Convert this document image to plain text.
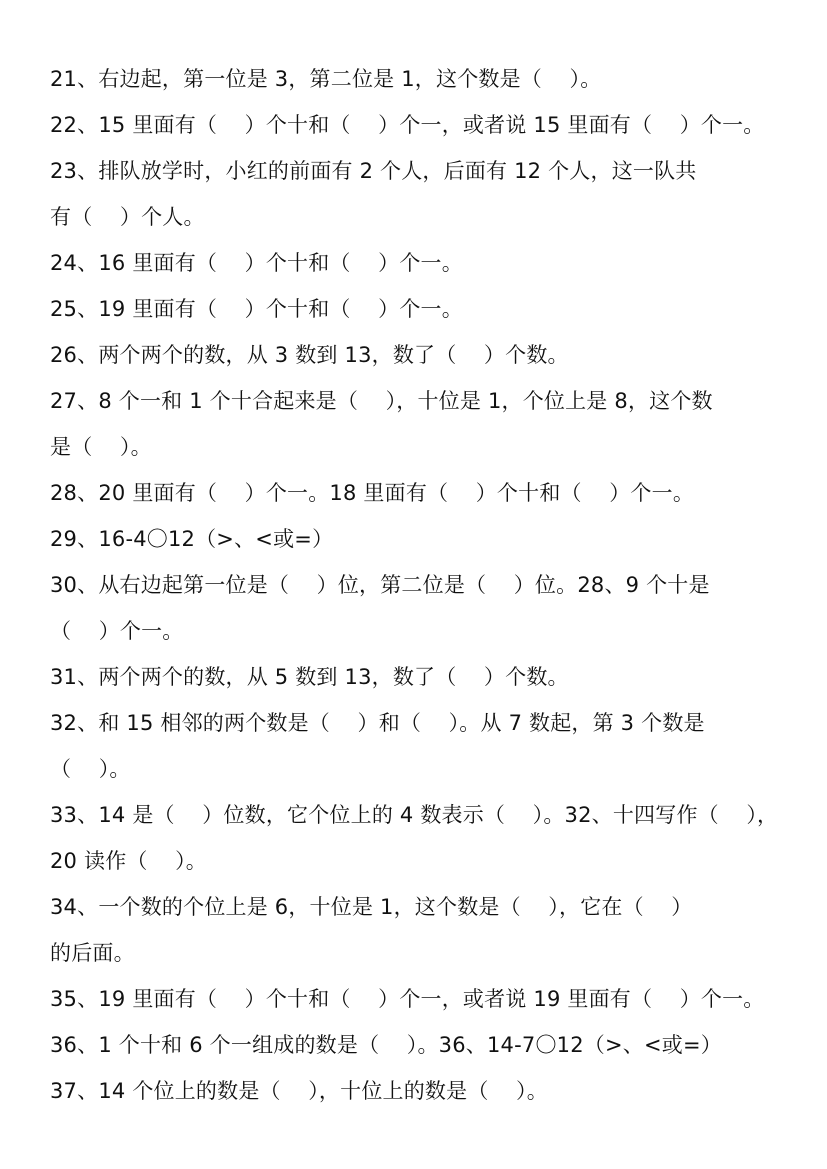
21、右边起，第一位是 3，第二位是 1，这个数是（    ）。
22、15 里面有（    ）个十和（    ）个一，或者说 15 里面有（    ）个一。
23、排队放学时，小红的前面有 2 个人，后面有 12 个人，这一队共
有（    ）个人。
24、16 里面有（    ）个十和（    ）个一。
25、19 里面有（    ）个十和（    ）个一。
26、两个两个的数，从 3 数到 13，数了（    ）个数。
27、8 个一和 1 个十合起来是（    ），十位是 1，个位上是 8，这个数
是（    ）。
28、20 里面有（    ）个一。18 里面有（    ）个十和（    ）个一。
29、16-4〇12（>、<或=）
30、从右边起第一位是（    ）位，第二位是（    ）位。28、9 个十是
（    ）个一。
31、两个两个的数，从 5 数到 13，数了（    ）个数。
32、和 15 相邻的两个数是（    ）和（    ）。从 7 数起，第 3 个数是
（    ）。
33、14 是（    ）位数，它个位上的 4 数表示（    ）。32、十四写作（    ），
20 读作（    ）。
34、一个数的个位上是 6，十位是 1，这个数是（    ），它在（    ）
的后面。
35、19 里面有（    ）个十和（    ）个一，或者说 19 里面有（    ）个一。
36、1 个十和 6 个一组成的数是（    ）。36、14-7〇12（>、<或=）
37、14 个位上的数是（    ），十位上的数是（    ）。
